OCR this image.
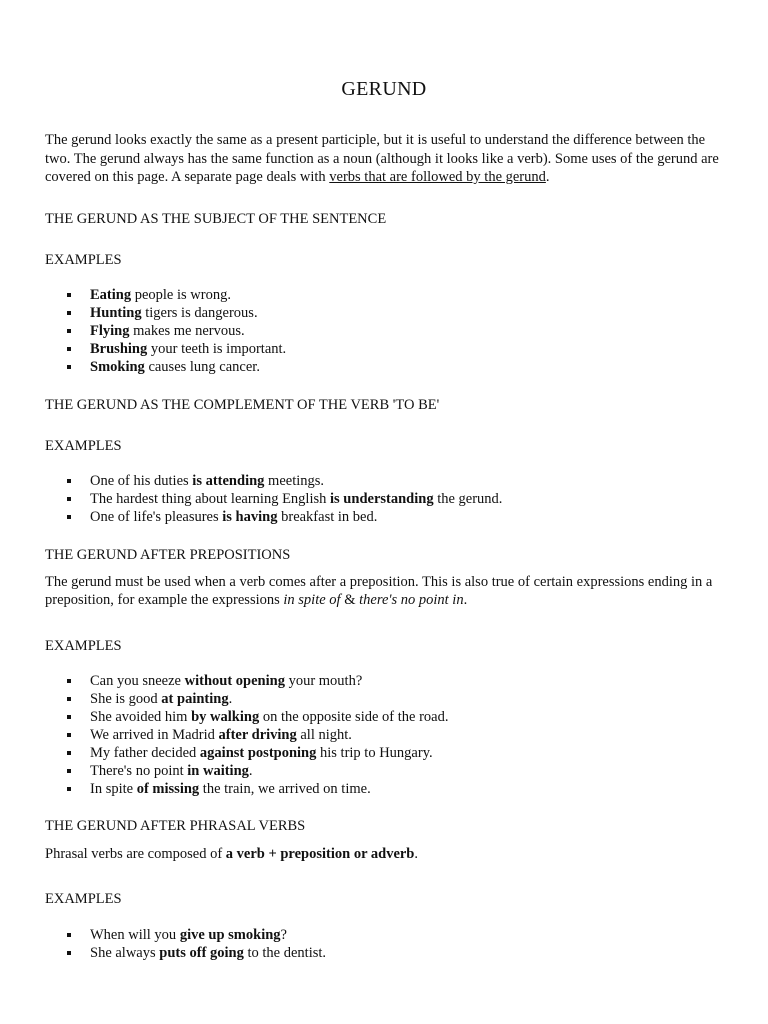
GERUND

The gerund looks exactly the same as a present participle, but it is useful to understand the difference between the two. The gerund always has the same function as a noun (although it looks like a verb). Some uses of the gerund are covered on this page. A separate page deals with verbs that are followed by the gerund.

THE GERUND AS THE SUBJECT OF THE SENTENCE

EXAMPLES

Eating people is wrong.
Hunting tigers is dangerous.
Flying makes me nervous.
Brushing your teeth is important.
Smoking causes lung cancer.

THE GERUND AS THE COMPLEMENT OF THE VERB 'TO BE'

EXAMPLES

One of his duties is attending meetings.
The hardest thing about learning English is understanding the gerund.
One of life's pleasures is having breakfast in bed.

THE GERUND AFTER PREPOSITIONS

The gerund must be used when a verb comes after a preposition. This is also true of certain expressions ending in a preposition, for example the expressions in spite of & there's no point in.

EXAMPLES

Can you sneeze without opening your mouth?
She is good at painting.
She avoided him by walking on the opposite side of the road.
We arrived in Madrid after driving all night.
My father decided against postponing his trip to Hungary.
There's no point in waiting.
In spite of missing the train, we arrived on time.

THE GERUND AFTER PHRASAL VERBS

Phrasal verbs are composed of a verb + preposition or adverb.

EXAMPLES

When will you give up smoking?
She always puts off going to the dentist.
